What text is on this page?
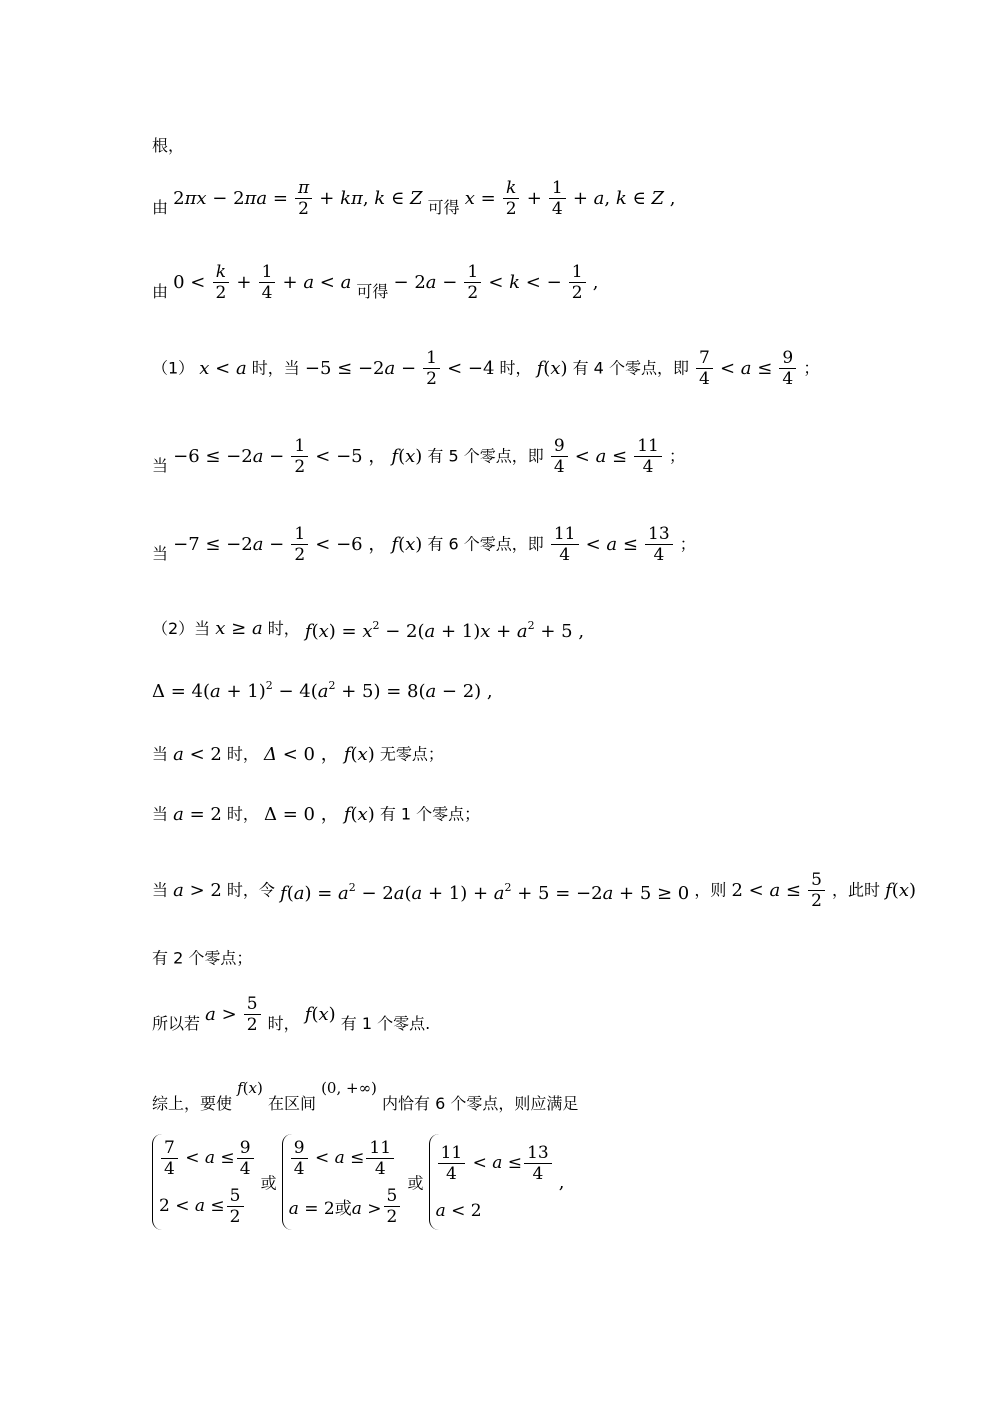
根，
由 $2\pi x - 2\pi a = \frac{\pi}{2} + k\pi$, k ∈ Z 可得 $x = \frac{k}{2} + \frac{1}{4} + a$, k ∈ Z ,
由 $0 < \frac{k}{2} + \frac{1}{4} + a < a$ 可得 − $2a - \frac{1}{2} < k$ < − $\frac{1}{2}$ ,
（1） x < a 时，当 $-5 \le -2a - \frac{1}{2} < -4$ 时， f(x) 有 4 个零点，即 $\frac{7}{4} < a \le \frac{9}{4}$ ；
当 $-6 \le -2a - \frac{1}{2} < -5$ ， f(x) 有 5 个零点，即 $\frac{9}{4} < a \le \frac{11}{4}$ ；
当 $-7 \le -2a - \frac{1}{2} < -6$ ， f(x) 有 6 个零点，即 $\frac{11}{4} < a \le \frac{13}{4}$ ；
（2）当 x ≥ a 时， $f(x) = x^2 - 2(a + 1)x + a^2 + 5$ ,
$\Delta = 4(a + 1)^2 - 4(a^2 + 5) = 8(a - 2)$ ,
当 a < 2 时， Δ < 0 ， f(x) 无零点；
当 a = 2 时， Δ = 0 ， f(x) 有 1 个零点；
当 a > 2 时，令 $f(a) = a^2 - 2a(a + 1) + a^2 + 5 = -2a + 5 \ge 0$ ，则 $2 < a \le \frac{5}{2}$ ，此时 f(x)
有 2 个零点；
所以若 $a > \frac{5}{2}$ 时， f(x) 有 1 个零点.
综上，要使 f(x) 在区间 (0, +∞) 内恰有 6 个零点，则应满足
$\frac{7}{4} < a \le \frac{9}{4}$
$2 < a \le \frac{5}{2}$
或
$\frac{9}{4} < a \le \frac{11}{4}$
a = 2或$a > \frac{5}{2}$
或 $\frac{11}{4} < a \le \frac{13}{4}$
a < 2
,
